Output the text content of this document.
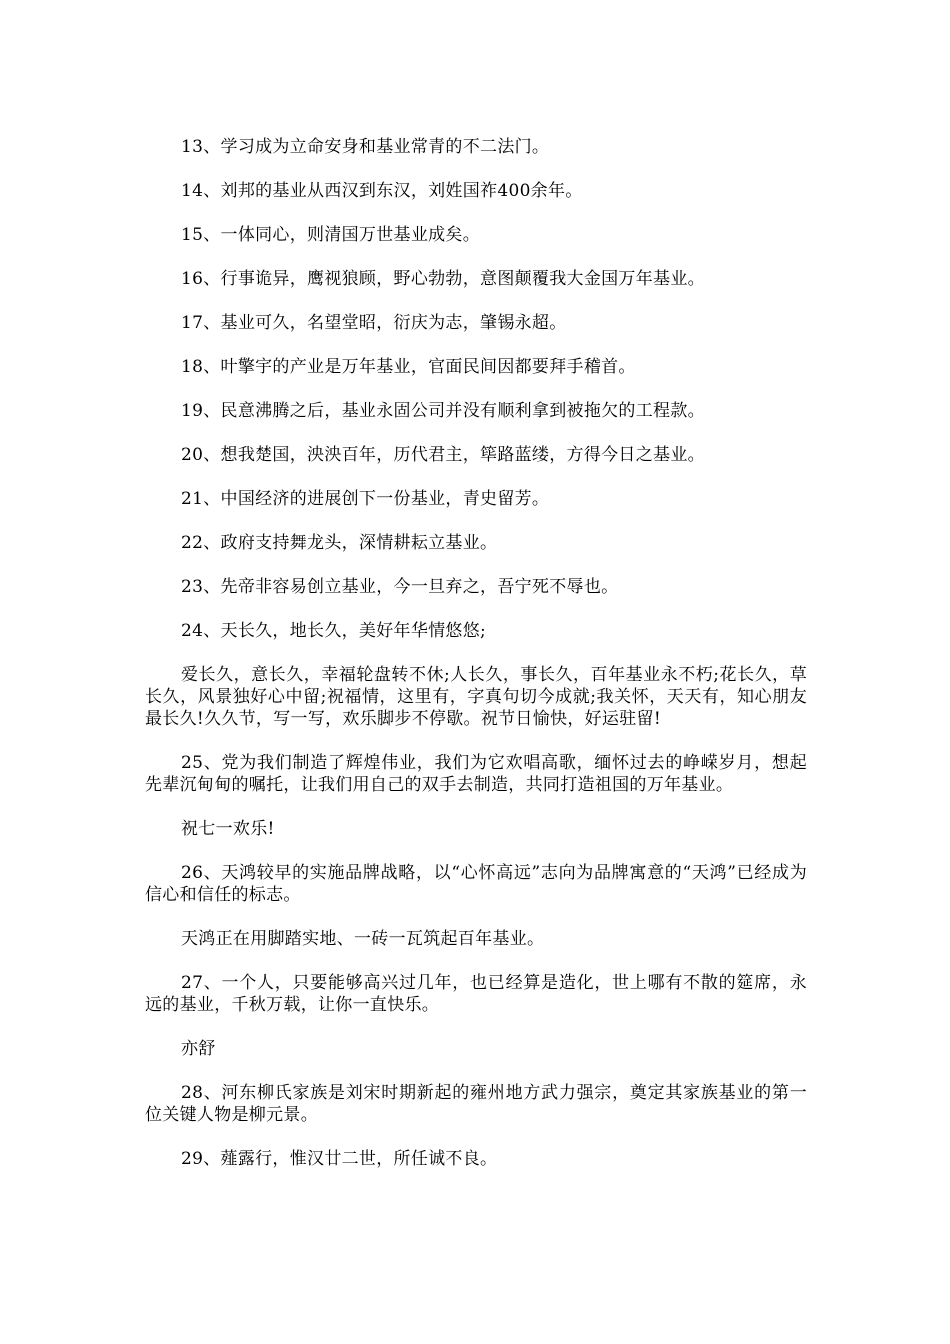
13、学习成为立命安身和基业常青的不二法门。

14、刘邦的基业从西汉到东汉，刘姓国祚400余年。

15、一体同心，则清国万世基业成矣。

16、行事诡异，鹰视狼顾，野心勃勃，意图颠覆我大金国万年基业。

17、基业可久，名望堂昭，衍庆为志，肇锡永超。

18、叶擎宇的产业是万年基业，官面民间因都要拜手稽首。

19、民意沸腾之后，基业永固公司并没有顺利拿到被拖欠的工程款。

20、想我楚国，泱泱百年，历代君主，筚路蓝缕，方得今日之基业。

21、中国经济的进展创下一份基业，青史留芳。

22、政府支持舞龙头，深情耕耘立基业。

23、先帝非容易创立基业，今一旦弃之，吾宁死不辱也。

24、天长久，地长久，美好年华情悠悠;

爱长久，意长久，幸福轮盘转不休;人长久，事长久，百年基业永不朽;花长久，草长久，风景独好心中留;祝福情，这里有，字真句切今成就;我关怀，天天有，知心朋友最长久!久久节，写一写，欢乐脚步不停歇。祝节日愉快，好运驻留!

25、党为我们制造了辉煌伟业，我们为它欢唱高歌，缅怀过去的峥嵘岁月，想起先辈沉甸甸的嘱托，让我们用自己的双手去制造，共同打造祖国的万年基业。

祝七一欢乐!

26、天鸿较早的实施品牌战略，以“心怀高远”志向为品牌寓意的“天鸿”已经成为信心和信任的标志。

天鸿正在用脚踏实地、一砖一瓦筑起百年基业。

27、一个人，只要能够高兴过几年，也已经算是造化，世上哪有不散的筵席，永远的基业，千秋万载，让你一直快乐。

亦舒

28、河东柳氏家族是刘宋时期新起的雍州地方武力强宗，奠定其家族基业的第一位关键人物是柳元景。

29、薤露行，惟汉廿二世，所任诚不良。
